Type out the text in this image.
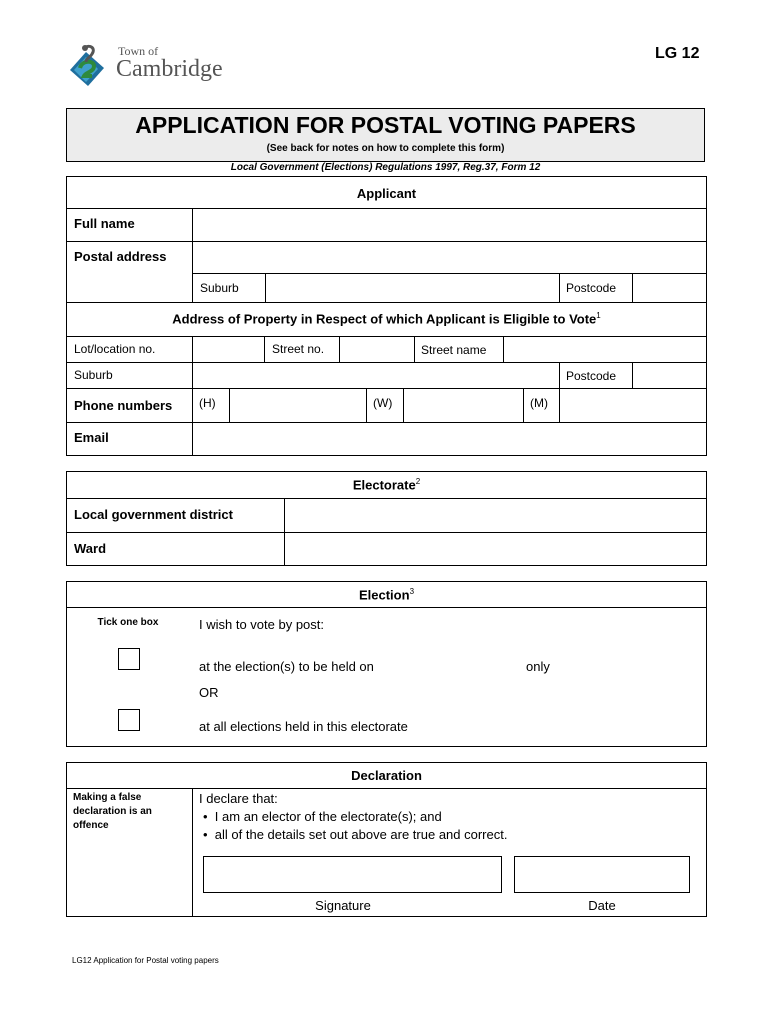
Town of
Cambridge
LG 12
APPLICATION FOR POSTAL VOTING PAPERS
(See back for notes on how to complete this form)
Local Government (Elections) Regulations 1997, Reg.37, Form 12
Applicant
Full name
Postal address
Suburb	Postcode
Address of Property in Respect of which Applicant is Eligible to Vote$^1$
Lot/location no.	Street no.	Street name
Suburb	Postcode
Phone numbers (H)	(W)	(M)
Email
Electorate$^2$
Local government district
Ward
Election$^3$
Tick one box	I wish to vote by post:
at the election(s) to be held on	only
OR
at all elections held in this electorate
Declaration
Making a false declaration is an offence
I declare that:
• I am an elector of the electorate(s); and
• all of the details set out above are true and correct.
Signature	Date
LG12 Application for Postal voting papers
